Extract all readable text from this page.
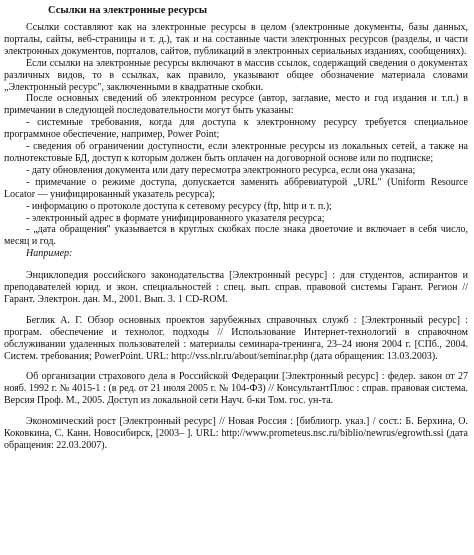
Ссылки на электронные ресурсы

Ссылки составляют как на электронные ресурсы в целом (электронные документы, базы данных, порталы, сайты, веб-страницы и т. д.), так и на составные части электронных ресурсов (разделы, и части электронных документов, порталов, сайтов, публикаций в электронных сериальных изданиях, сообщениях).

Если ссылки на электронные ресурсы включают в массив ссылок, содержащий сведения о документах различных видов, то в ссылках, как правило, указывают общее обозначение материала словами „Электронный ресурс", заключенными в квадратные скобки.

После основных сведений об электронном ресурсе (автор, заглавие, место и год издания и т.п.) в примечании в следующей последовательности могут быть указаны:

- системные требования, когда для доступа к электронному ресурсу требуется специальное программное обеспечение, например, Power Point;

- сведения об ограничении доступности, если электронные ресурсы из локальных сетей, а также на полнотекстовые БД, доступ к которым должен быть оплачен на договорной основе или по подписке;

- дату обновления документа или дату пересмотра электронного ресурса, если она указана;

- примечание о режиме доступа, допускается заменять аббревиатурой „URL" (Uniform Resource Locator — унифицированный указатель ресурса);

- информацию о протоколе доступа к сетевому ресурсу (ftp, http и т. п.);

- электронный адрес в формате унифицированного указателя ресурса;

- „дата обращения" указывается в круглых скобках после знака двоеточие и включает в себя число, месяц и год.

Например:

Энциклопедия российского законодательства [Электронный ресурс] : для студентов, аспирантов и преподавателей юрид. и экон. специальностей : спец. вып. справ. правовой системы Гарант. Регион // Гарант. Электрон. дан. М., 2001. Вып. 3. 1 CD-ROM.

Беглик А. Г. Обзор основных проектов зарубежных справочных служб : [Электронный ресурс] : програм. обеспечение и технолог. подходы // Использование Интернет-технологий в справочном обслуживании удаленных пользователей : материалы семинара-тренинга, 23–24 июня 2004 г. [СПб., 2004. Систем. требования; PowerPoint. URL: http://vss.nlr.ru/about/seminar.php (дата обращения: 13.03.2003).

Об организации страхового дела в Российской Федерации [Электронный ресурс] : федер. закон от 27 нояб. 1992 г. № 4015-1 : (в ред. от 21 июля 2005 г. № 104-ФЗ) // КонсультантПлюс : справ. правовая система. Версия Проф. М., 2005. Доступ из локальной сети Науч. б-ки Том. гос. ун-та.

Экономический рост [Электронный ресурс] // Новая Россия : [библиогр. указ.] / сост.: Б. Берхина, О. Коковкина, С. Канн. Новосибирск, [2003– ]. URL: http://www.prometeus.nsc.ru/biblio/newrus/egrowth.ssi (дата обращения: 22.03.2007).
